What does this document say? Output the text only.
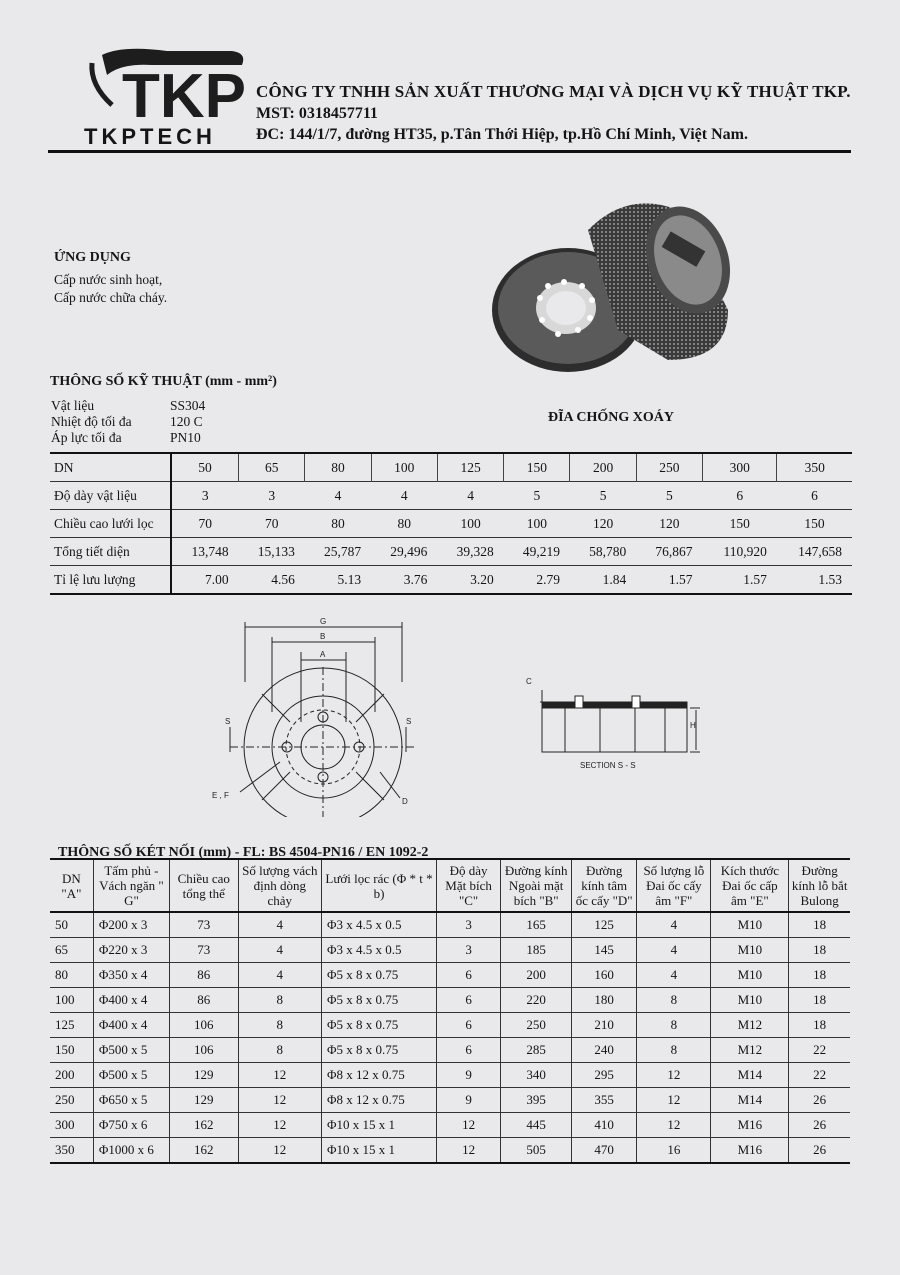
TKP
TKPTECH
CÔNG TY TNHH SẢN XUẤT THƯƠNG MẠI VÀ DỊCH VỤ KỸ THUẬT TKP.
MST: 0318457711
ĐC: 144/1/7, đường HT35, p.Tân Thới Hiệp, tp.Hồ Chí Minh, Việt Nam.
ỨNG DỤNG
Cấp nước sinh hoạt,
Cấp nước chữa cháy.
THÔNG SỐ KỸ THUẬT (mm - mm²)
Vật liệu	SS304
Nhiệt độ tối đa	120 C
Áp lực tối đa	PN10
ĐĨA CHỐNG XOÁY
DN	50	65	80	100	125	150	200	250	300	350
Độ dày vật liệu	3	3	4	4	4	5	5	5	6	6
Chiều cao lưới lọc	70	70	80	80	100	100	120	120	150	150
Tổng tiết diện	13,748	15,133	25,787	29,496	39,328	49,219	58,780	76,867	110,920	147,658
Tỉ lệ lưu lượng	7.00	4.56	5.13	3.76	3.20	2.79	1.84	1.57	1.57	1.53
G
B
A
S	S
E , F
D
C
H
SECTION S - S
THÔNG SỐ KÉT NỐI (mm) - FL: BS 4504-PN16 / EN 1092-2
DN "A"	Tấm phủ - Vách ngăn " G"	Chiều cao tổng thể	Số lượng vách định dòng chảy	Lưới lọc rác (Φ * t * b)	Độ dày Mặt bích "C"	Đường kính Ngoài mặt bích "B"	Đường kính tâm ốc cấy "D"	Số lượng lỗ Đai ốc cấy âm "F"	Kích thước Đai ốc cấp âm "E"	Đường kính lỗ bắt Bulong
50	Φ200 x 3	73	4	Φ3 x 4.5 x 0.5	3	165	125	4	M10	18
65	Φ220 x 3	73	4	Φ3 x 4.5 x 0.5	3	185	145	4	M10	18
80	Φ350 x 4	86	4	Φ5 x 8 x 0.75	6	200	160	4	M10	18
100	Φ400 x 4	86	8	Φ5 x 8 x 0.75	6	220	180	8	M10	18
125	Φ400 x 4	106	8	Φ5 x 8 x 0.75	6	250	210	8	M12	18
150	Φ500 x 5	106	8	Φ5 x 8 x 0.75	6	285	240	8	M12	22
200	Φ500 x 5	129	12	Φ8 x 12 x 0.75	9	340	295	12	M14	22
250	Φ650 x 5	129	12	Φ8 x 12 x 0.75	9	395	355	12	M14	26
300	Φ750 x 6	162	12	Φ10 x 15 x 1	12	445	410	12	M16	26
350	Φ1000 x 6	162	12	Φ10 x 15 x 1	12	505	470	16	M16	26
